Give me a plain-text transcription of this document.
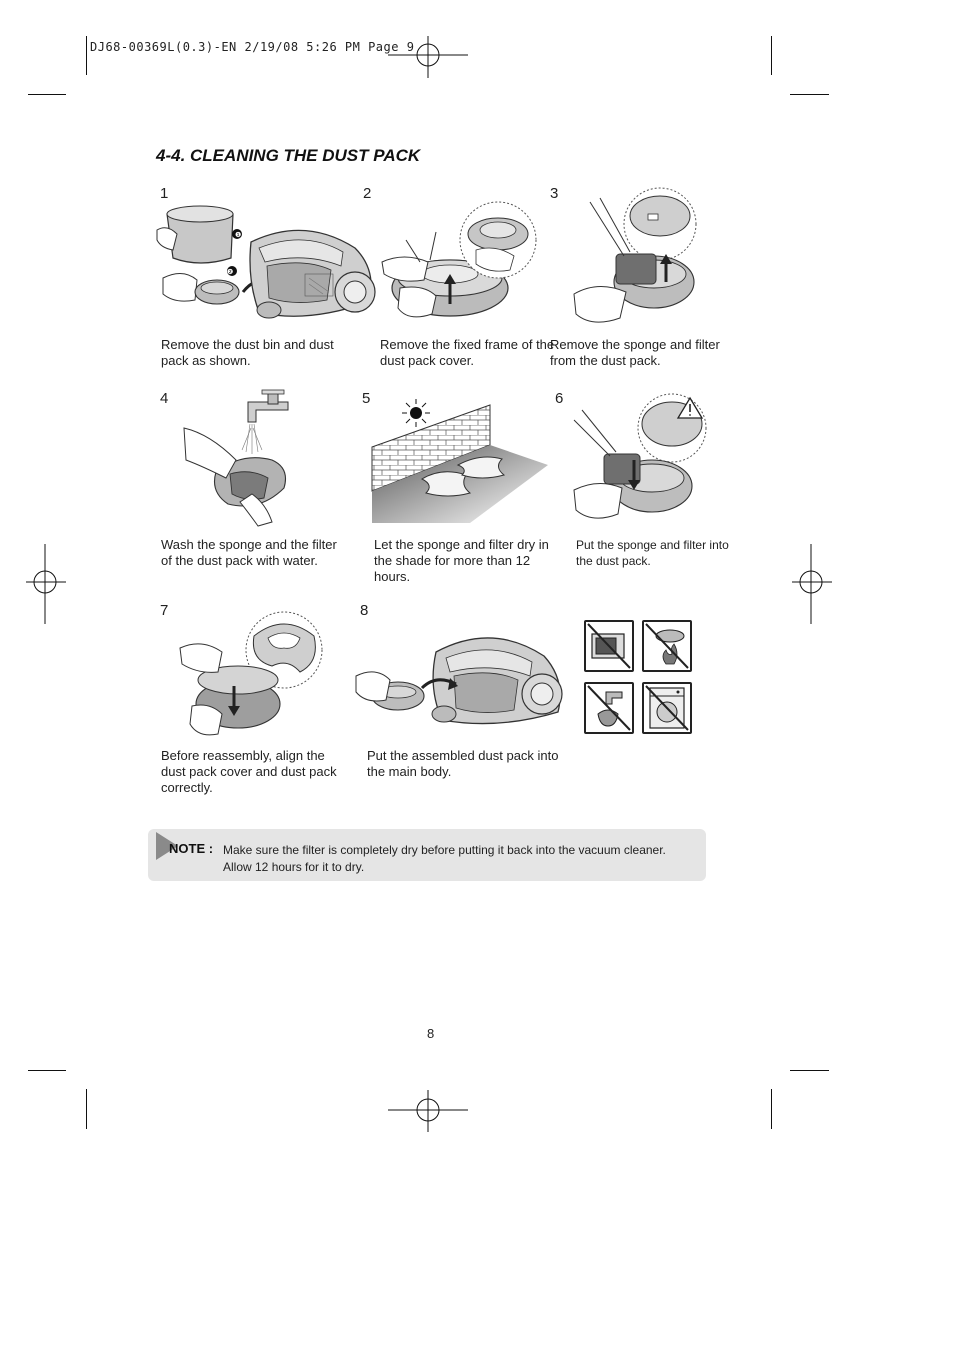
DJ68-00369L(0.3)-EN 2/19/08 5:26 PM Page 9
4-4. CLEANING THE DUST PACK
1
❶
❷
Remove the dust bin and dust pack as shown.
2
Remove the fixed frame of the dust pack cover.
3
Remove the sponge and filter from the dust pack.
4
Wash the sponge and the filter of the dust pack with water.
5
Let the sponge and filter dry in the shade for more than 12 hours.
6
Put the sponge and filter into the dust pack.
7
Before reassembly, align the dust pack cover and dust pack correctly.
8
Put the assembled dust pack into the main body.
NOTE : Make sure the filter is completely dry before putting it back into the vacuum cleaner. Allow 12 hours for it to dry.
8
